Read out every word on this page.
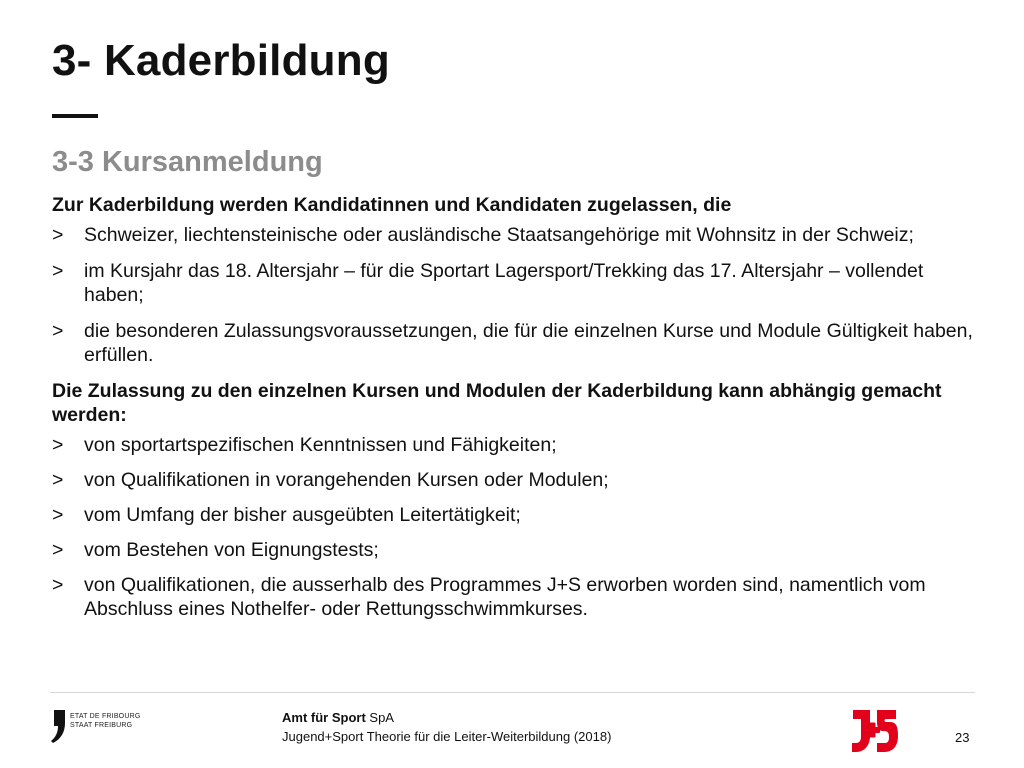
3- Kaderbildung
3-3 Kursanmeldung

Zur Kaderbildung werden Kandidatinnen und Kandidaten zugelassen, die

> Schweizer, liechtensteinische oder ausländische Staatsangehörige mit Wohnsitz in der Schweiz;
> im Kursjahr das 18. Altersjahr – für die Sportart Lagersport/Trekking das 17. Altersjahr – vollendet haben;
> die besonderen Zulassungsvoraussetzungen, die für die einzelnen Kurse und Module Gültigkeit haben, erfüllen.

Die Zulassung zu den einzelnen Kursen und Modulen der Kaderbildung kann abhängig gemacht werden:

> von sportartspezifischen Kenntnissen und Fähigkeiten;
> von Qualifikationen in vorangehenden Kursen oder Modulen;
> vom Umfang der bisher ausgeübten Leitertätigkeit;
> vom Bestehen von Eignungstests;
> von Qualifikationen, die ausserhalb des Programmes J+S erworben worden sind, namentlich vom Abschluss eines Nothelfer- oder Rettungsschwimmkurses.
ETAT DE FRIBOURG
STAAT FREIBURG
Amt für Sport SpA
Jugend+Sport Theorie für die Leiter-Weiterbildung (2018)	23
